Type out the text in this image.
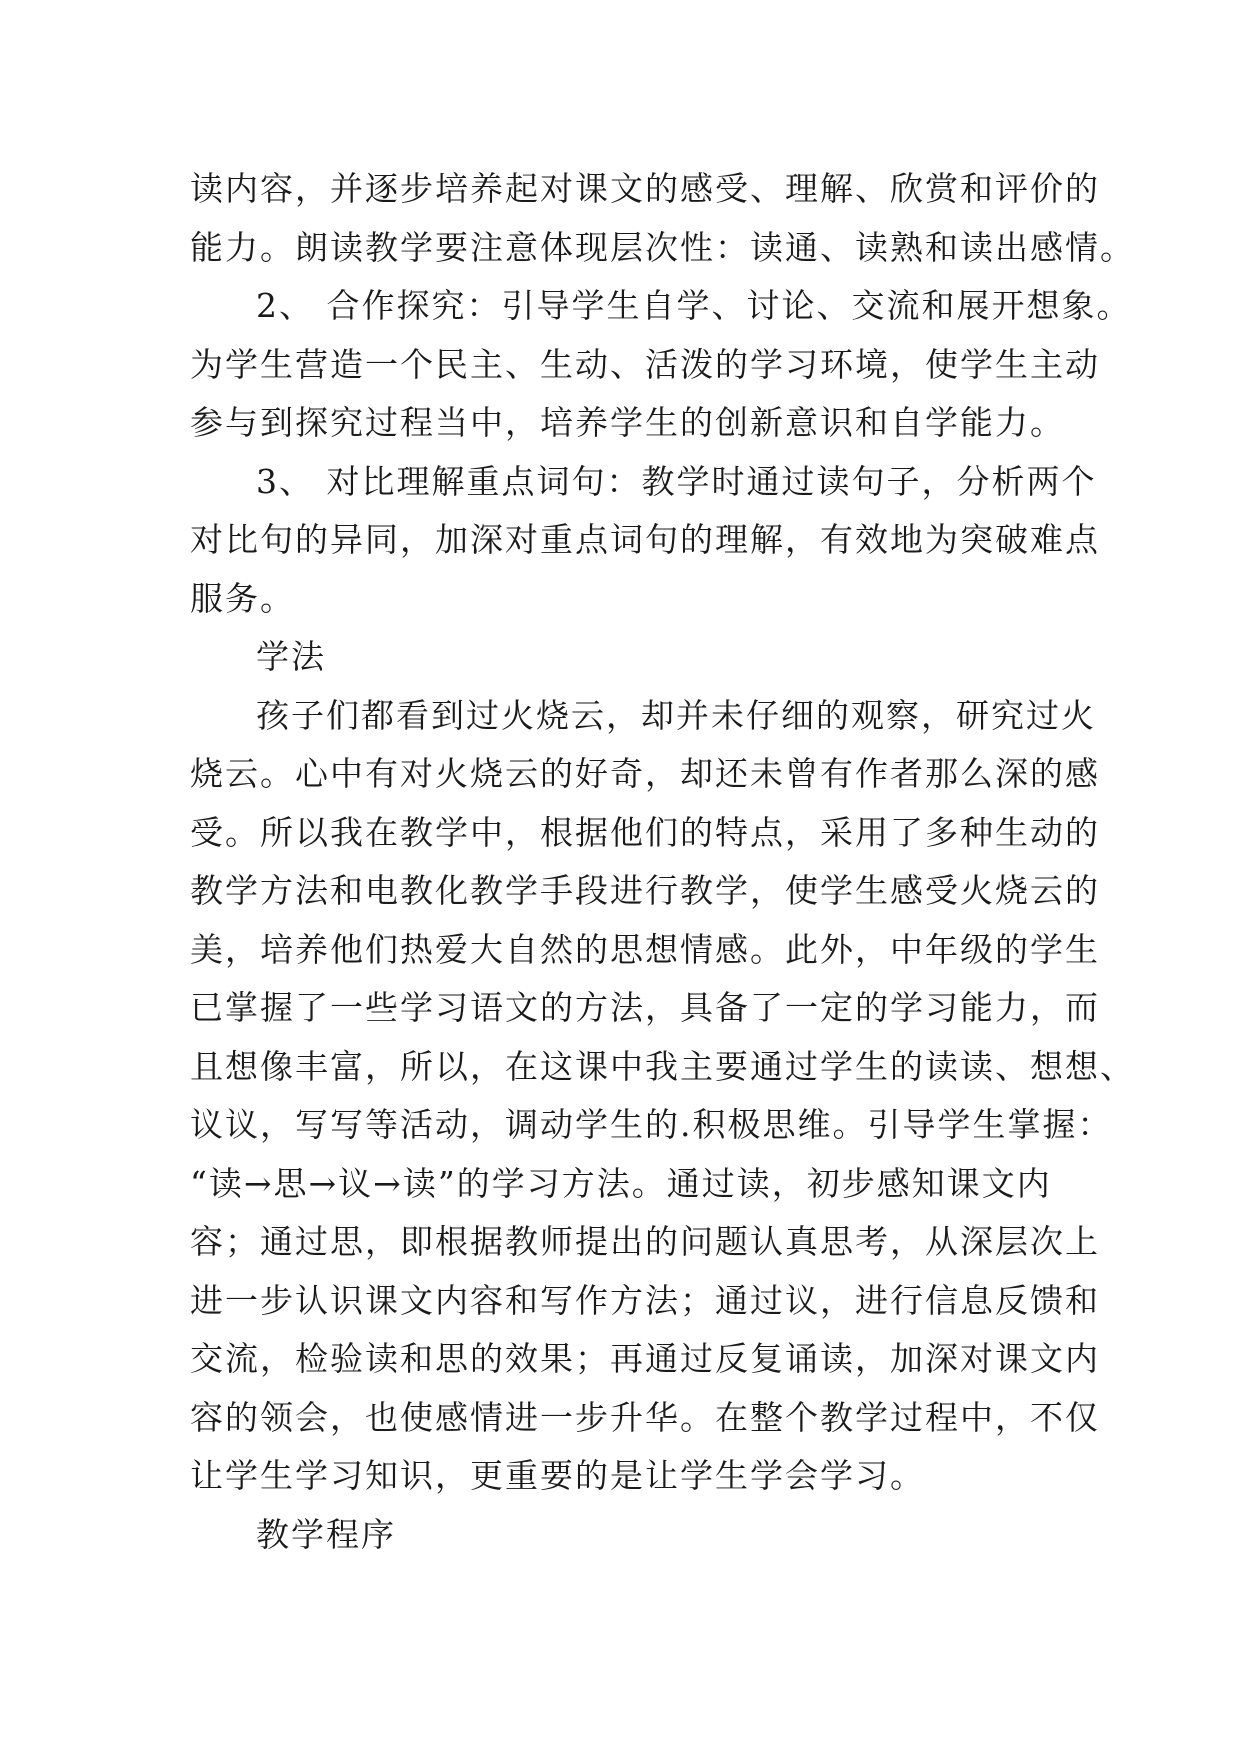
读内容，并逐步培养起对课文的感受、理解、欣赏和评价的
能力。朗读教学要注意体现层次性：读通、读熟和读出感情。
2、 合作探究：引导学生自学、讨论、交流和展开想象。
为学生营造一个民主、生动、活泼的学习环境，使学生主动
参与到探究过程当中，培养学生的创新意识和自学能力。
3、 对比理解重点词句：教学时通过读句子，分析两个
对比句的异同，加深对重点词句的理解，有效地为突破难点
服务。
学法
孩子们都看到过火烧云，却并未仔细的观察，研究过火
烧云。心中有对火烧云的好奇，却还未曾有作者那么深的感
受。所以我在教学中，根据他们的特点，采用了多种生动的
教学方法和电教化教学手段进行教学，使学生感受火烧云的
美，培养他们热爱大自然的思想情感。此外，中年级的学生
已掌握了一些学习语文的方法，具备了一定的学习能力，而
且想像丰富，所以，在这课中我主要通过学生的读读、想想、
议议，写写等活动，调动学生的.积极思维。引导学生掌握：
“读→思→议→读”的学习方法。通过读，初步感知课文内
容；通过思，即根据教师提出的问题认真思考，从深层次上
进一步认识课文内容和写作方法；通过议，进行信息反馈和
交流，检验读和思的效果；再通过反复诵读，加深对课文内
容的领会，也使感情进一步升华。在整个教学过程中，不仅
让学生学习知识，更重要的是让学生学会学习。
教学程序
